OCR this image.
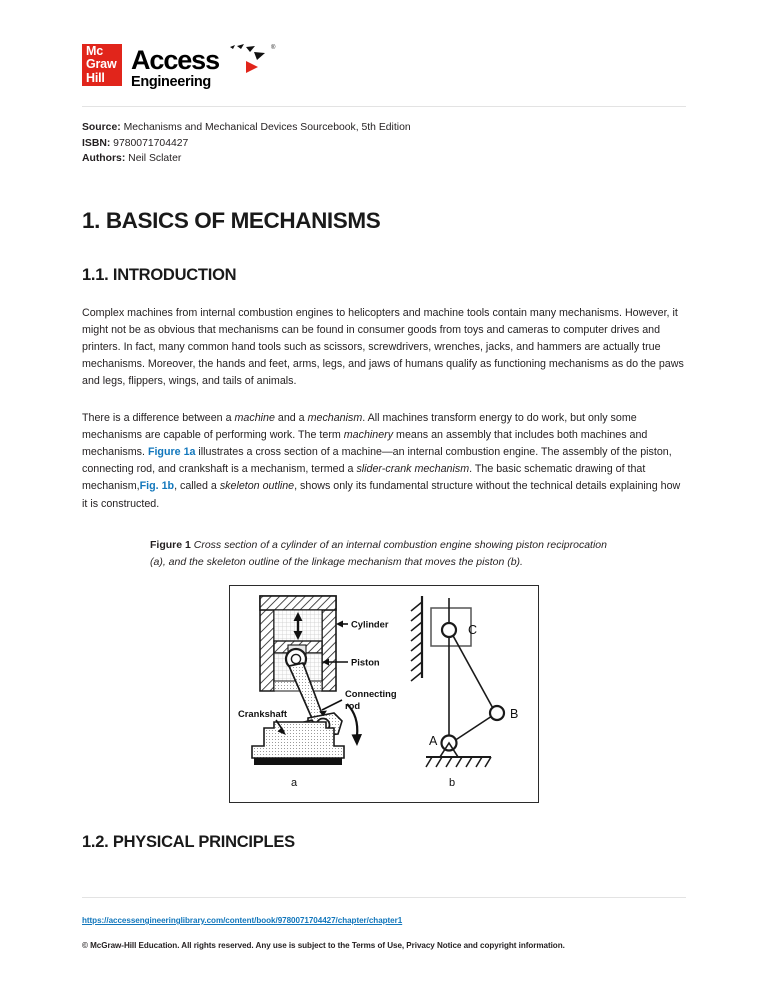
Mc
Graw
Hill
Access
Engineering
®
Source: Mechanisms and Mechanical Devices Sourcebook, 5th Edition
ISBN: 9780071704427
Authors: Neil Sclater
1. BASICS OF MECHANISMS
1.1. INTRODUCTION

Complex machines from internal combustion engines to helicopters and machine tools contain many mechanisms. However, it might not be as obvious that mechanisms can be found in consumer goods from toys and cameras to computer drives and printers. In fact, many common hand tools such as scissors, screwdrivers, wrenches, jacks, and hammers are actually true mechanisms. Moreover, the hands and feet, arms, legs, and jaws of humans qualify as functioning mechanisms as do the paws and legs, flippers, wings, and tails of animals.

There is a difference between a machine and a mechanism. All machines transform energy to do work, but only some mechanisms are capable of performing work. The term machinery means an assembly that includes both machines and mechanisms. Figure 1a illustrates a cross section of a machine—an internal combustion engine. The assembly of the piston, connecting rod, and crankshaft is a mechanism, termed a slider-crank mechanism. The basic schematic drawing of that mechanism,Fig. 1b, called a skeleton outline, shows only its fundamental structure without the technical details explaining how it is constructed.

Figure 1 Cross section of a cylinder of an internal combustion engine showing piston reciprocation (a), and the skeleton outline of the linkage mechanism that moves the piston (b).
Cylinder
Piston
Connecting
rod
Crankshaft
a
C
B
A
b
1.2. PHYSICAL PRINCIPLES
https://accessengineeringlibrary.com/content/book/9780071704427/chapter/chapter1
© McGraw-Hill Education. All rights reserved. Any use is subject to the Terms of Use, Privacy Notice and copyright information.
